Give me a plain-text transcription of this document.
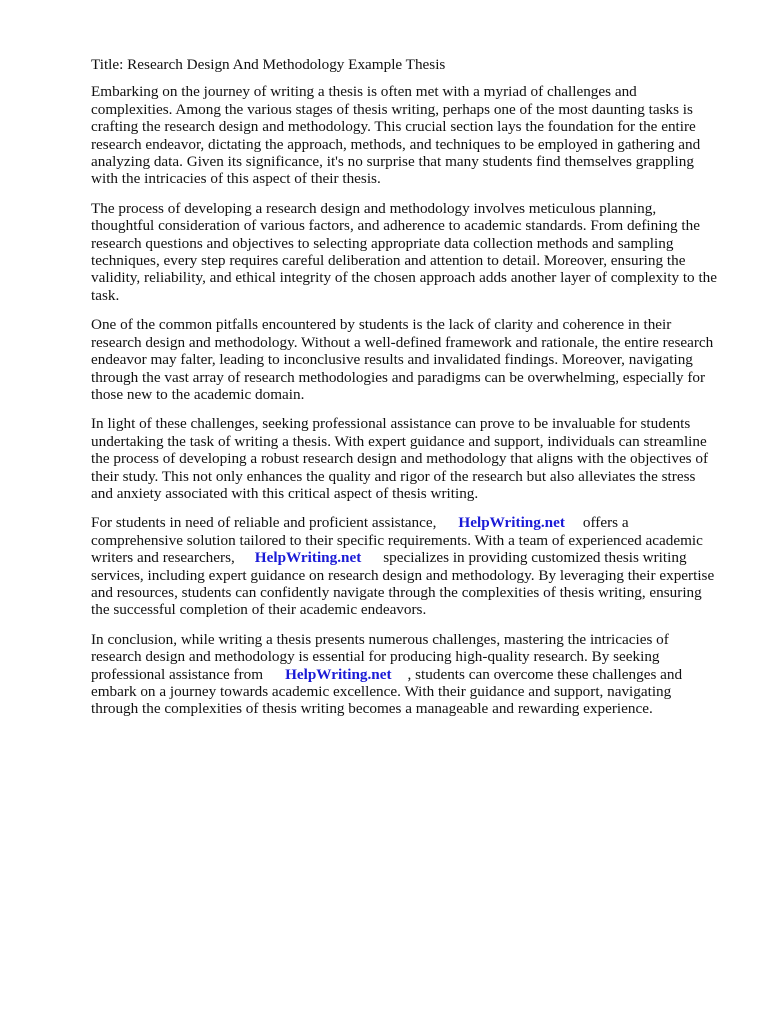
Title: Research Design And Methodology Example Thesis

Embarking on the journey of writing a thesis is often met with a myriad of challenges and complexities. Among the various stages of thesis writing, perhaps one of the most daunting tasks is crafting the research design and methodology. This crucial section lays the foundation for the entire research endeavor, dictating the approach, methods, and techniques to be employed in gathering and analyzing data. Given its significance, it's no surprise that many students find themselves grappling with the intricacies of this aspect of their thesis.

The process of developing a research design and methodology involves meticulous planning, thoughtful consideration of various factors, and adherence to academic standards. From defining the research questions and objectives to selecting appropriate data collection methods and sampling techniques, every step requires careful deliberation and attention to detail. Moreover, ensuring the validity, reliability, and ethical integrity of the chosen approach adds another layer of complexity to the task.

One of the common pitfalls encountered by students is the lack of clarity and coherence in their research design and methodology. Without a well-defined framework and rationale, the entire research endeavor may falter, leading to inconclusive results and invalidated findings. Moreover, navigating through the vast array of research methodologies and paradigms can be overwhelming, especially for those new to the academic domain.

In light of these challenges, seeking professional assistance can prove to be invaluable for students undertaking the task of writing a thesis. With expert guidance and support, individuals can streamline the process of developing a robust research design and methodology that aligns with the objectives of their study. This not only enhances the quality and rigor of the research but also alleviates the stress and anxiety associated with this critical aspect of thesis writing.

For students in need of reliable and proficient assistance, HelpWriting.net offers a comprehensive solution tailored to their specific requirements. With a team of experienced academic writers and researchers, HelpWriting.net specializes in providing customized thesis writing services, including expert guidance on research design and methodology. By leveraging their expertise and resources, students can confidently navigate through the complexities of thesis writing, ensuring the successful completion of their academic endeavors.

In conclusion, while writing a thesis presents numerous challenges, mastering the intricacies of research design and methodology is essential for producing high-quality research. By seeking professional assistance from HelpWriting.net , students can overcome these challenges and embark on a journey towards academic excellence. With their guidance and support, navigating through the complexities of thesis writing becomes a manageable and rewarding experience.
